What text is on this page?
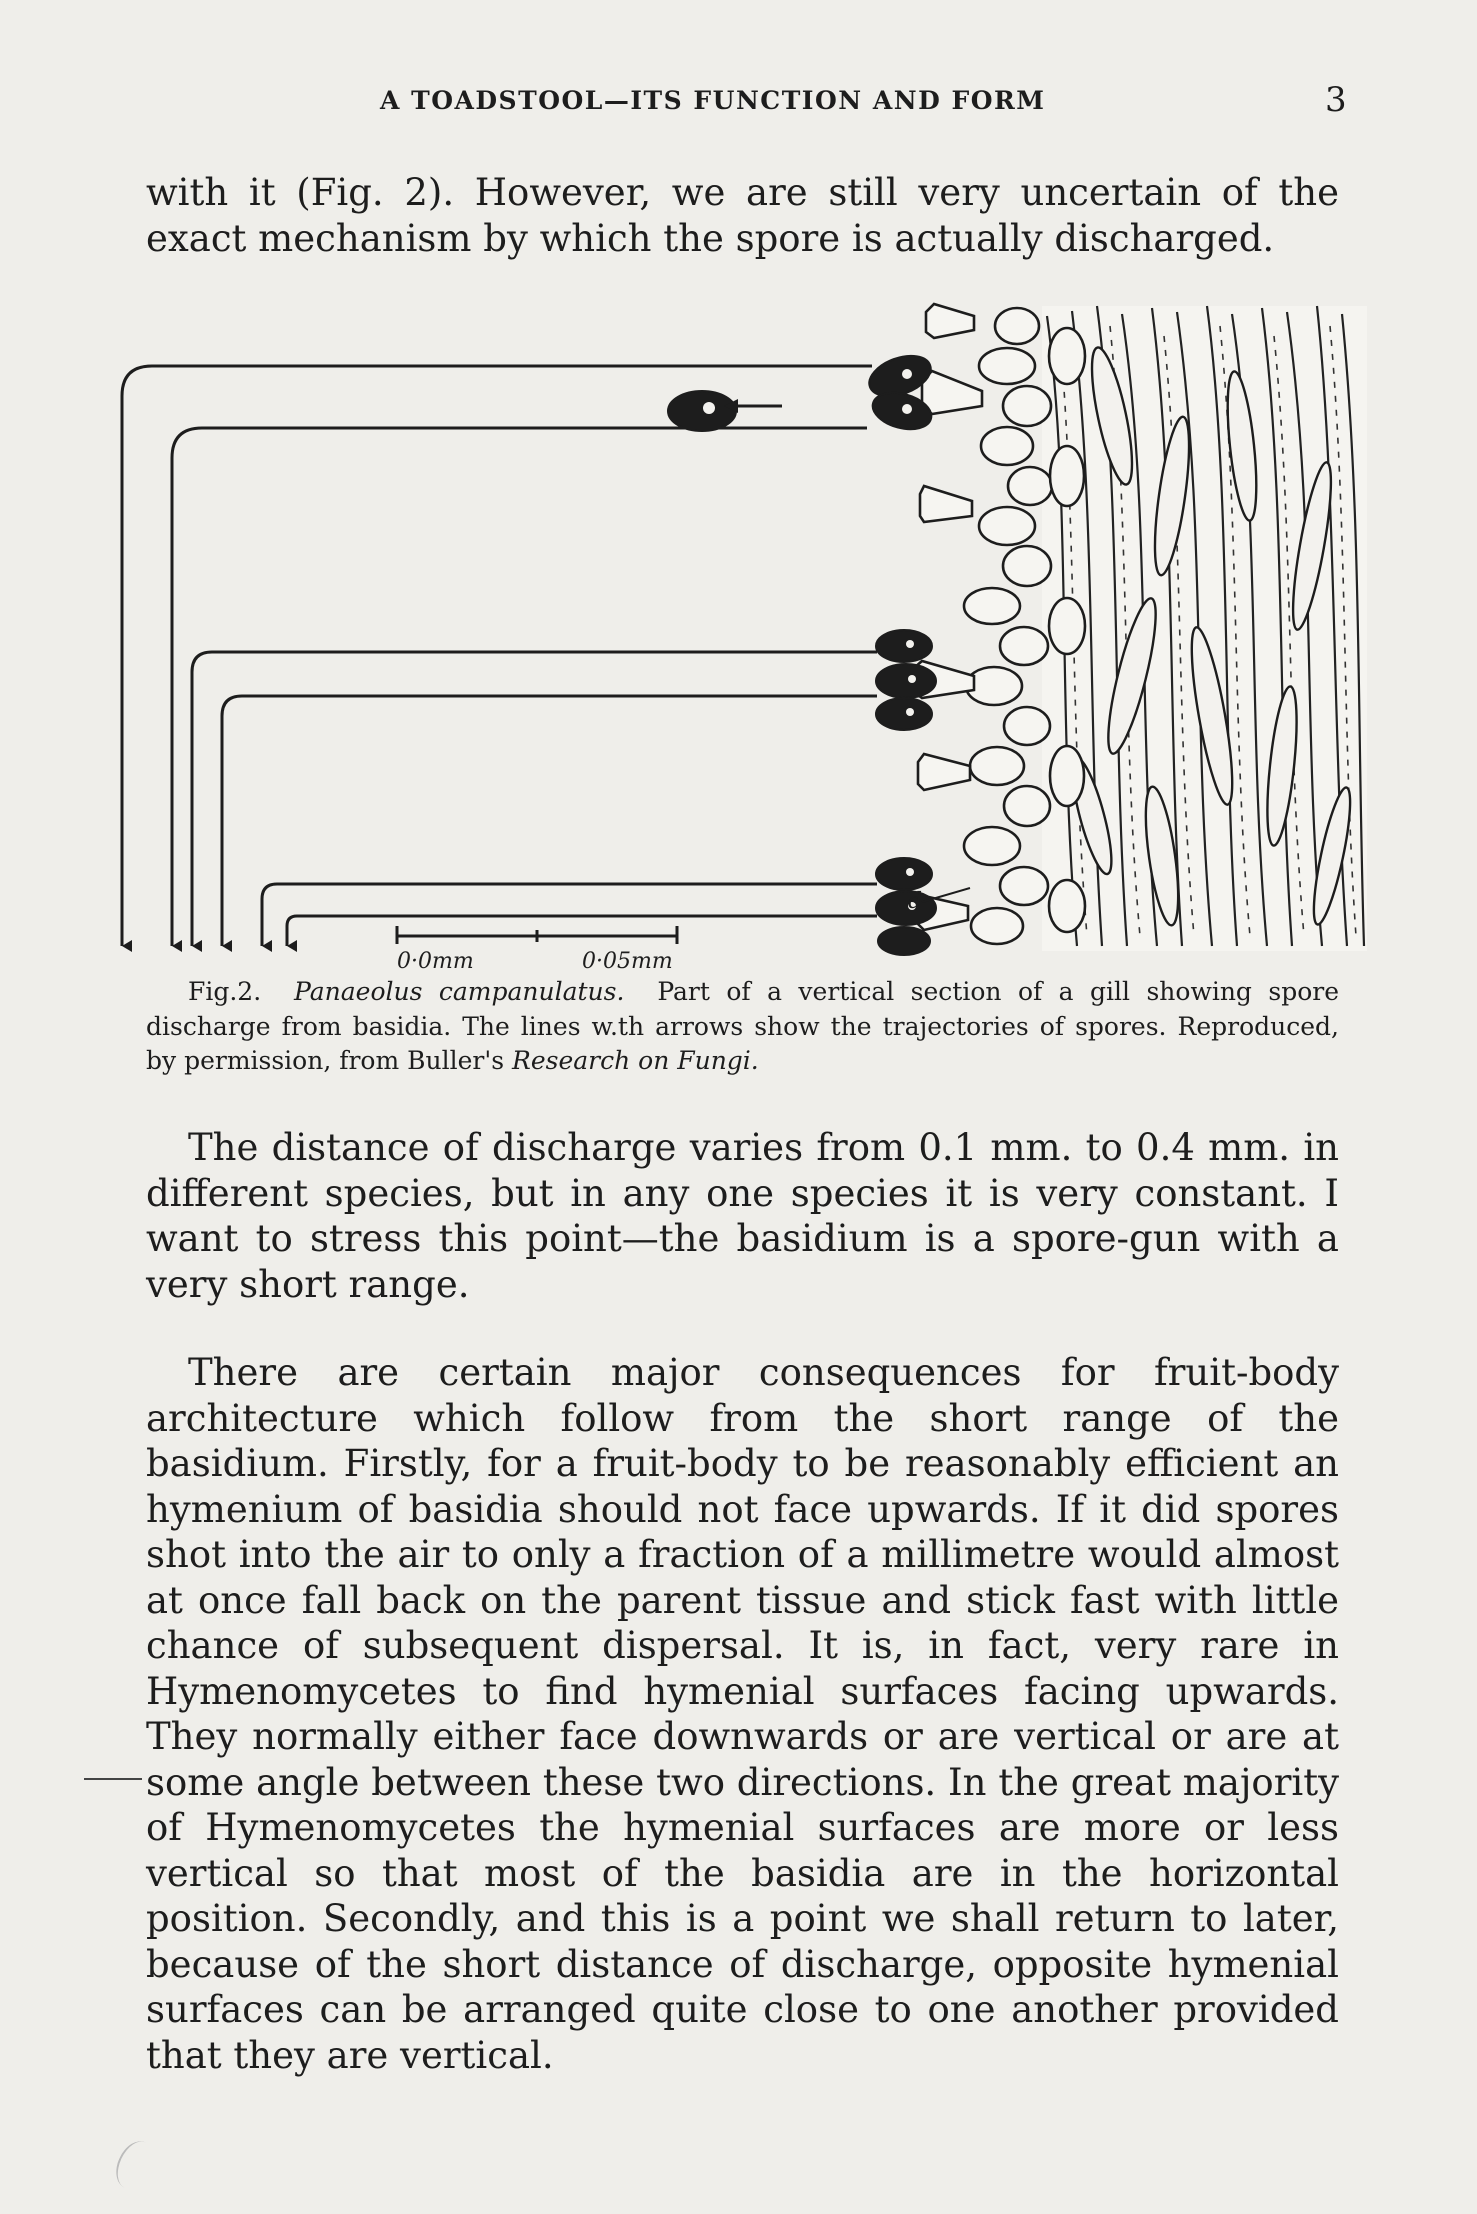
A TOADSTOOL—ITS FUNCTION AND FORM	3

with it (Fig. 2). However, we are still very uncertain of the exact mechanism by which the spore is actually discharged.

0·0mm	0·05mm
d

Fig.2. Panaeolus campanulatus. Part of a vertical section of a gill showing spore discharge from basidia. The lines w.th arrows show the trajectories of spores. Reproduced, by permission, from Buller's Research on Fungi.

The distance of discharge varies from 0.1 mm. to 0.4 mm. in different species, but in any one species it is very constant. I want to stress this point—the basidium is a spore-gun with a very short range.

There are certain major consequences for fruit-body architecture which follow from the short range of the basidium. Firstly, for a fruit-body to be reasonably efficient an hymenium of basidia should not face upwards. If it did spores shot into the air to only a fraction of a millimetre would almost at once fall back on the parent tissue and stick fast with little chance of subsequent dispersal. It is, in fact, very rare in Hymenomycetes to find hymenial surfaces facing upwards. They normally either face downwards or are vertical or are at some angle between these two directions. In the great majority of Hymenomycetes the hymenial surfaces are more or less vertical so that most of the basidia are in the horizontal position. Secondly, and this is a point we shall return to later, because of the short distance of discharge, opposite hymenial surfaces can be arranged quite close to one another provided that they are vertical.
